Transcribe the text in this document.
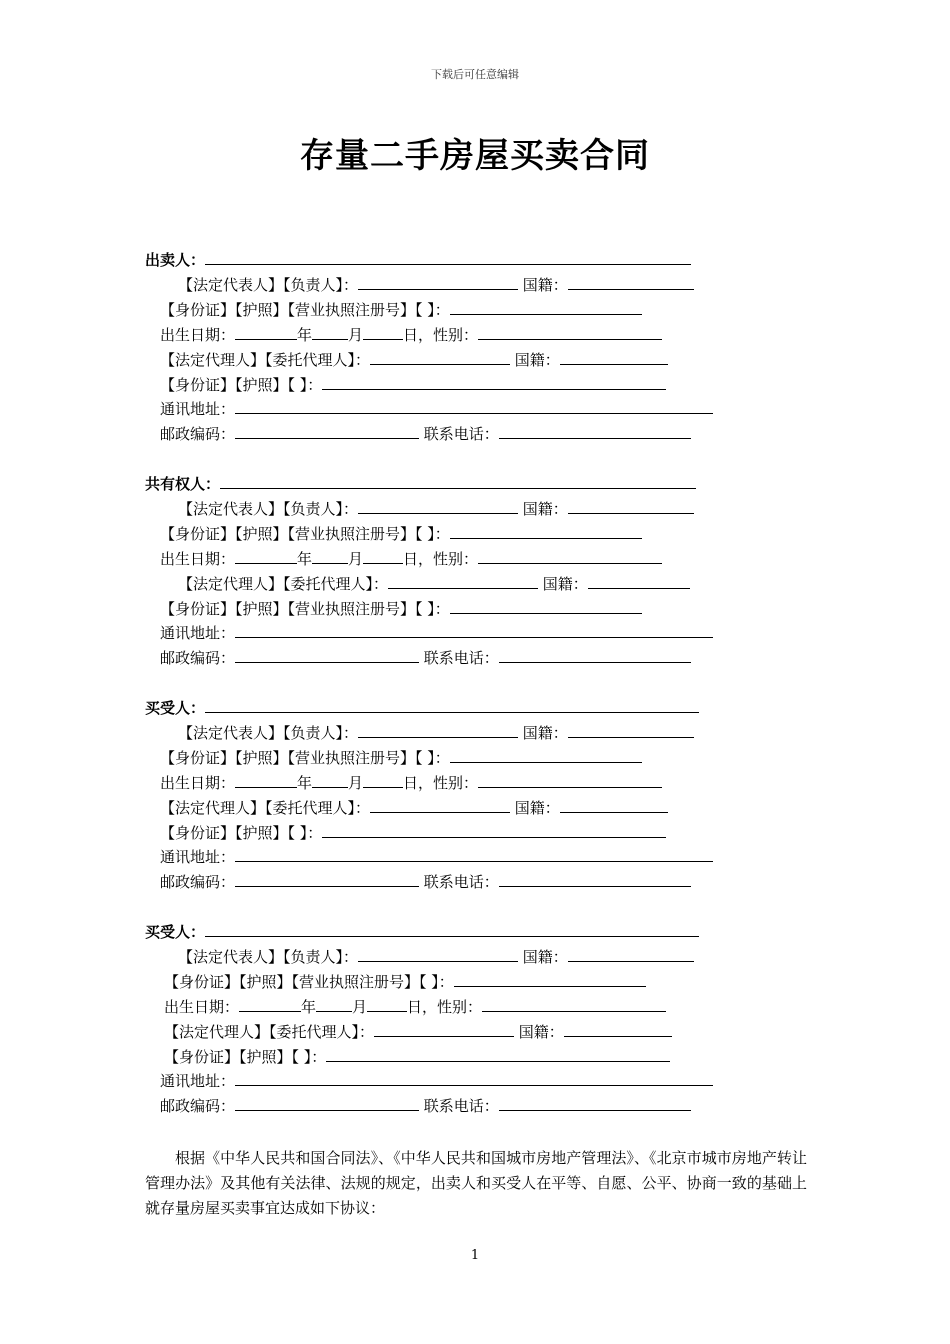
下载后可任意编辑
存量二手房屋买卖合同
出卖人：
【法定代表人】【负责人】：	国籍：
【身份证】【护照】【营业执照注册号】【 】：
出生日期：	年 月	日，性别：
【法定代理人】【委托代理人】：	国籍：
【身份证】【护照】【 】：
通讯地址：
邮政编码：	联系电话：
共有权人：
【法定代表人】【负责人】：	国籍：
【身份证】【护照】【营业执照注册号】【 】：
出生日期：	年 月	日，性别：
【法定代理人】【委托代理人】：	国籍：
【身份证】【护照】【营业执照注册号】【 】：
通讯地址：
邮政编码：	联系电话：
买受人：
【法定代表人】【负责人】：	国籍：
【身份证】【护照】【营业执照注册号】【 】：
出生日期：	年 月	日，性别：
【法定代理人】【委托代理人】：	国籍：
【身份证】【护照】【 】：
通讯地址：
邮政编码：	联系电话：
买受人：
【法定代表人】【负责人】：	国籍：
【身份证】【护照】【营业执照注册号】【 】：
出生日期：	年 月	日，性别：
【法定代理人】【委托代理人】：	国籍：
【身份证】【护照】【 】：
通讯地址：
邮政编码：	联系电话：
根据《中华人民共和国合同法》、《中华人民共和国城市房地产管理法》、《北京市城市房地产转让管理办法》及其他有关法律、法规的规定，出卖人和买受人在平等、自愿、公平、协商一致的基础上就存量房屋买卖事宜达成如下协议：
1
